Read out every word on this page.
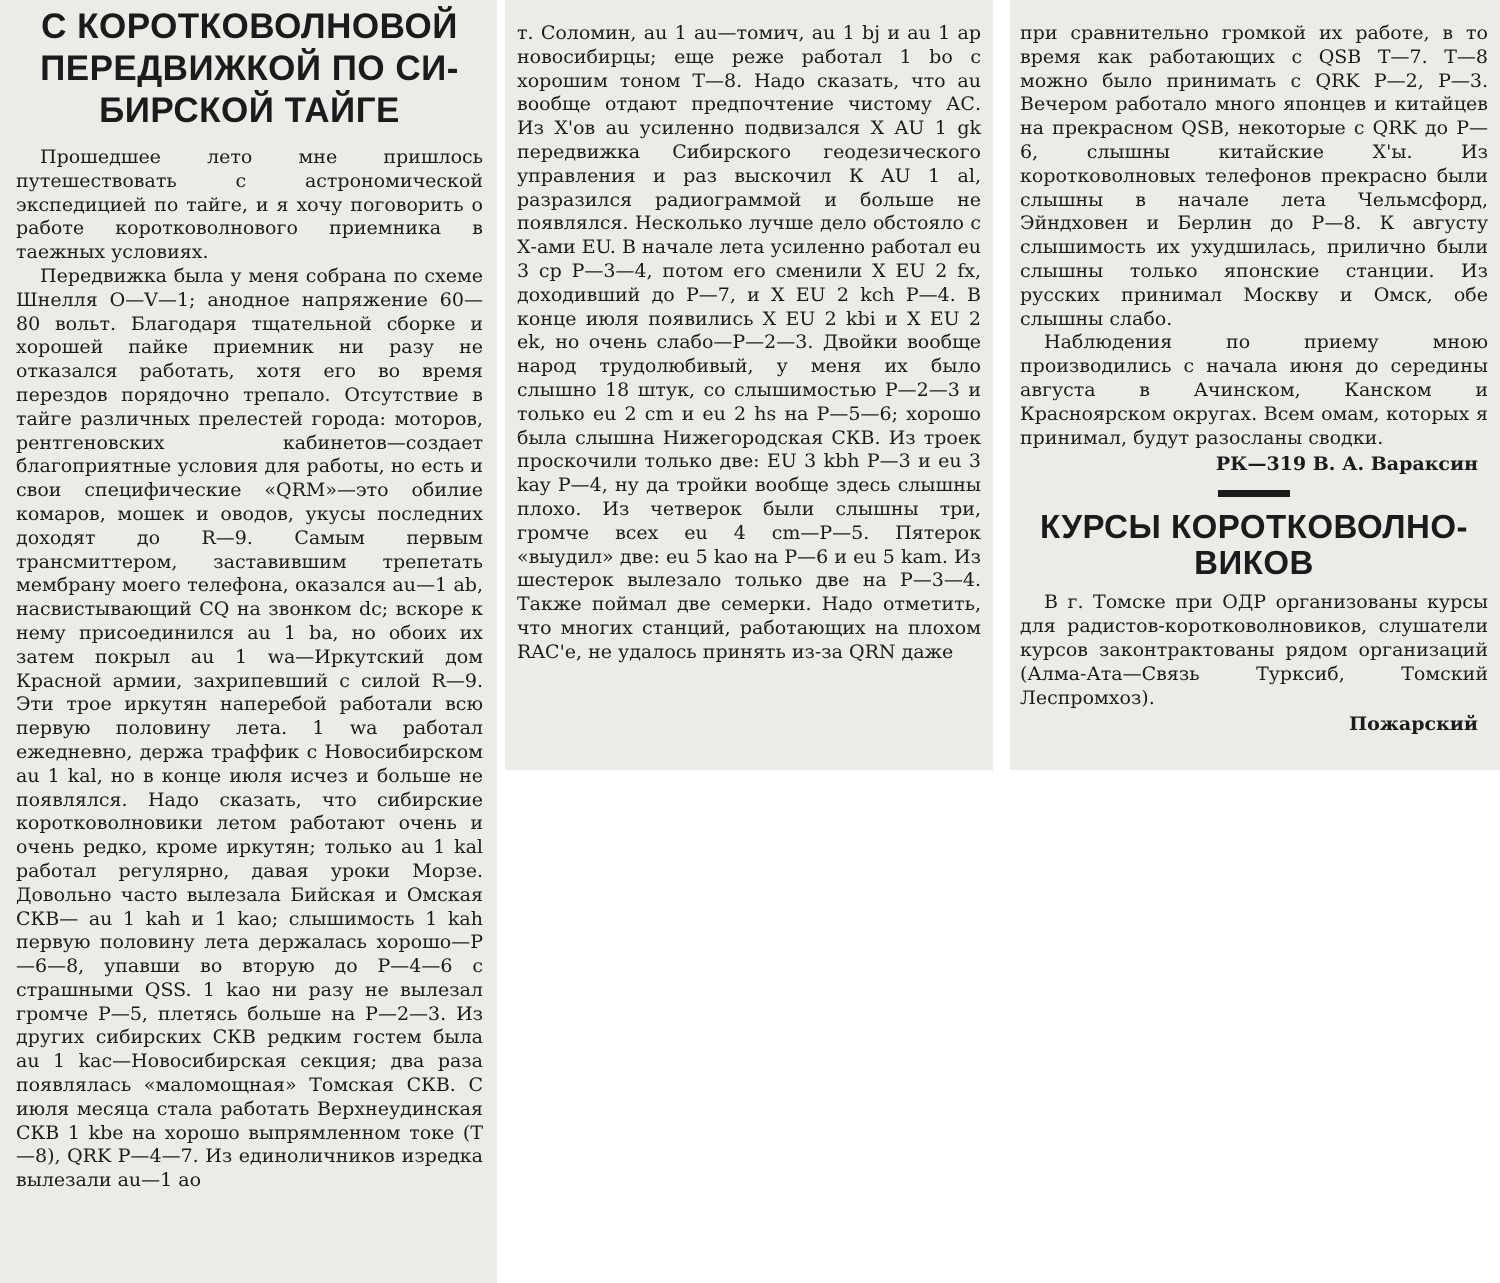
С КОРОТКОВОЛНОВОЙ
ПЕРЕДВИЖКОЙ ПО СИ-
БИРСКОЙ ТАЙГЕ

Прошедшее лето мне пришлось путешествовать с астрономической экспедицией по тайге, и я хочу поговорить о работе коротковолнового приемника в таежных условиях.

Передвижка была у меня собрана по схеме Шнелля О—V—1; анодное напряжение 60—80 вольт. Благодаря тщательной сборке и хорошей пайке приемник ни разу не отказался работать, хотя его во время перездов порядочно трепало. Отсутствие в тайге различных прелестей города: моторов, рентгеновских кабинетов—создает благоприятные условия для работы, но есть и свои специфические «QRM»—это обилие комаров, мошек и оводов, укусы последних доходят до R—9. Самым первым трансмиттером, заставившим трепетать мембрану моего телефона, оказался au—1 ab, насвистывающий CQ на звонком dc; вскоре к нему присоединился au 1 ba, но обоих их затем покрыл au 1 wa—Иркутский дом Красной армии, захрипевший с силой R—9. Эти трое иркутян наперебой работали всю первую половину лета. 1 wa работал ежедневно, держа траффик с Новосибирском au 1 kal, но в конце июля исчез и больше не появлялся. Надо сказать, что сибирские коротковолновики летом работают очень и очень редко, кроме иркутян; только au 1 kal работал регулярно, давая уроки Морзе. Довольно часто вылезала Бийская и Омская СКВ— au 1 kah и 1 kao; слышимость 1 kah первую половину лета держалась хорошо—Р—6—8, упавши во вторую до Р—4—6 с страшными QSS. 1 kao ни разу не вылезал громче Р—5, плетясь больше на Р—2—3. Из других сибирских СКВ редким гостем была au 1 kac—Новосибирская секция; два раза появлялась «маломощная» Томская СКВ. С июля месяца стала работать Верхнеудинская СКВ 1 kbe на хорошо выпрямленном токе (Т—8), QRK Р—4—7. Из единоличников изредка вылезали au—1 ao

т. Соломин, au 1 au—томич, au 1 bj и au 1 ap новосибирцы; еще реже работал 1 bo с хорошим тоном Т—8. Надо сказать, что au вообще отдают предпочтение чистому АС. Из Х'ов au усиленно подвизался Х AU 1 gk передвижка Сибирского геодезического управления и раз выскочил К AU 1 al, разразился радиограммой и больше не появлялся. Несколько лучше дело обстояло с Х-ами EU. В начале лета усиленно работал eu 3 cp Р—3—4, потом его сменили Х EU 2 fx, доходивший до Р—7, и Х EU 2 kch Р—4. В конце июля появились Х EU 2 kbi и Х EU 2 ek, но очень слабо—Р—2—3. Двойки вообще народ трудолюбивый, у меня их было слышно 18 штук, со слышимостью Р—2—3 и только eu 2 cm и eu 2 hs на Р—5—6; хорошо была слышна Нижегородская СКВ. Из троек проскочили только две: EU 3 kbh Р—3 и eu 3 kay Р—4, ну да тройки вообще здесь слышны плохо. Из четверок были слышны три, громче всех eu 4 cm—Р—5. Пятерок «выудил» две: eu 5 kao на Р—6 и eu 5 kam. Из шестерок вылезало только две на Р—3—4. Также поймал две семерки. Надо отметить, что многих станций, работающих на плохом RAC'e, не удалось принять из-за QRN даже

при сравнительно громкой их работе, в то время как работающих с QSB Т—7. Т—8 можно было принимать с QRK Р—2, Р—3. Вечером работало много японцев и китайцев на прекрасном QSB, некоторые с QRK до Р—6, слышны китайские Х'ы. Из коротковолновых телефонов прекрасно были слышны в начале лета Чельмсфорд, Эйндховен и Берлин до Р—8. К августу слышимость их ухудшилась, прилично были слышны только японские станции. Из русских принимал Москву и Омск, обе слышны слабо.

Наблюдения по приему мною производились с начала июня до середины августа в Ачинском, Канском и Красноярском округах. Всем омам, которых я принимал, будут разосланы сводки.

РК—319 В. А. Вараксин
КУРСЫ КОРОТКОВОЛНО-
ВИКОВ

В г. Томске при ОДР организованы курсы для радистов-коротковолновиков, слушатели курсов законтрактованы рядом организаций (Алма-Ата—Связь Турксиб, Томский Леспромхоз).

Пожарский
